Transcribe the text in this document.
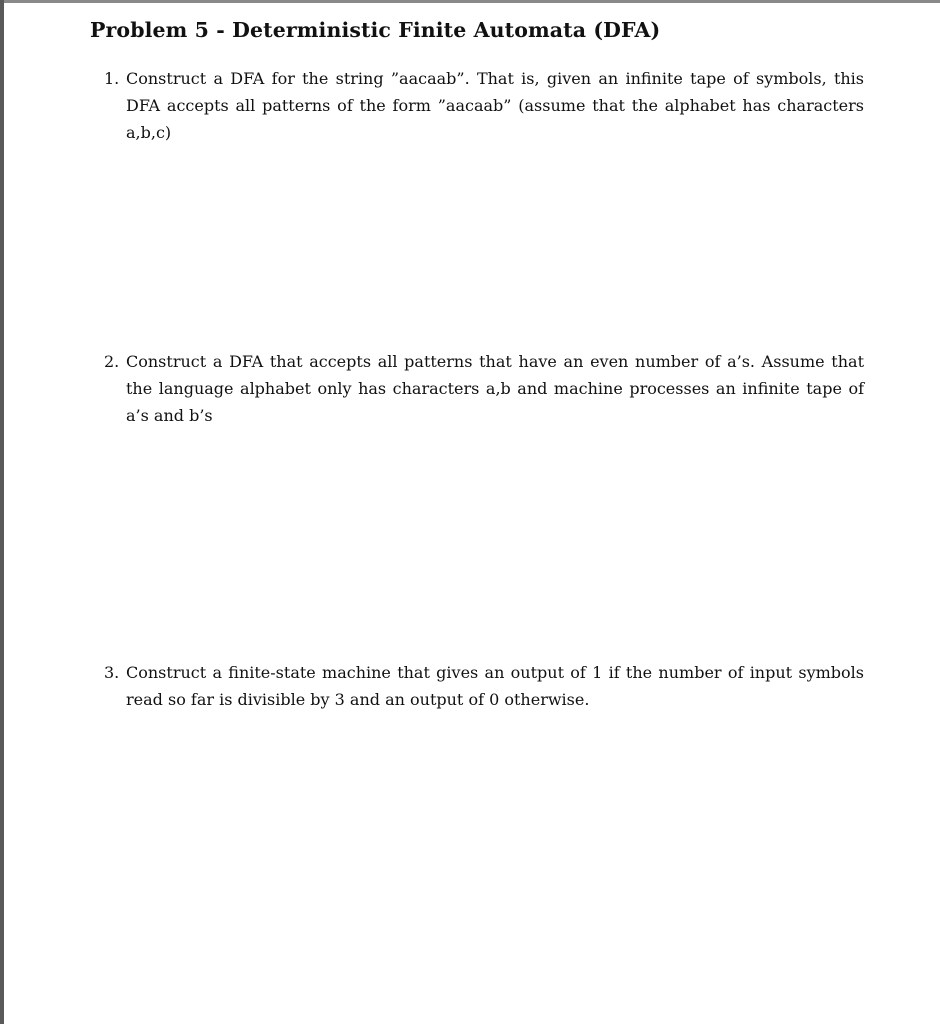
Problem 5 - Deterministic Finite Automata (DFA)
1. Construct a DFA for the string ”aacaab”. That is, given an infinite tape of symbols, this DFA accepts all patterns of the form ”aacaab” (assume that the alphabet has characters a,b,c)
2. Construct a DFA that accepts all patterns that have an even number of a’s. Assume that the language alphabet only has characters a,b and machine processes an infinite tape of a’s and b’s
3. Construct a finite-state machine that gives an output of 1 if the number of input symbols read so far is divisible by 3 and an output of 0 otherwise.
